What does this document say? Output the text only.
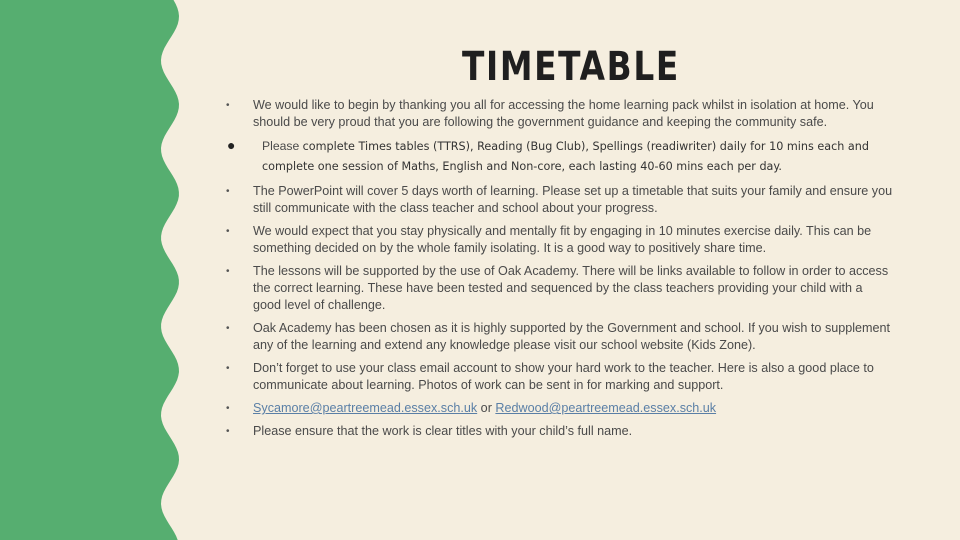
TIMETABLE
• We would like to begin by thanking you all for accessing the home learning pack whilst in isolation at home. You should be very proud that you are following the government guidance and keeping the community safe.
● Please complete Times tables (TTRS), Reading (Bug Club), Spellings (readiwriter) daily for 10 mins each and complete one session of Maths, English and Non-core, each lasting 40-60 mins each per day.
• The PowerPoint will cover 5 days worth of learning. Please set up a timetable that suits your family and ensure you still communicate with the class teacher and school about your progress.
• We would expect that you stay physically and mentally fit by engaging in 10 minutes exercise daily. This can be something decided on by the whole family isolating. It is a good way to positively share time.
• The lessons will be supported by the use of Oak Academy. There will be links available to follow in order to access the correct learning. These have been tested and sequenced by the class teachers providing your child with a good level of challenge.
• Oak Academy has been chosen as it is highly supported by the Government and school. If you wish to supplement any of the learning and extend any knowledge please visit our school website (Kids Zone).
• Don’t forget to use your class email account to show your hard work to the teacher. Here is also a good place to communicate about learning. Photos of work can be sent in for marking and support.
• Sycamore@peartreemead.essex.sch.uk or Redwood@peartreemead.essex.sch.uk
• Please ensure that the work is clear titles with your child’s full name.
